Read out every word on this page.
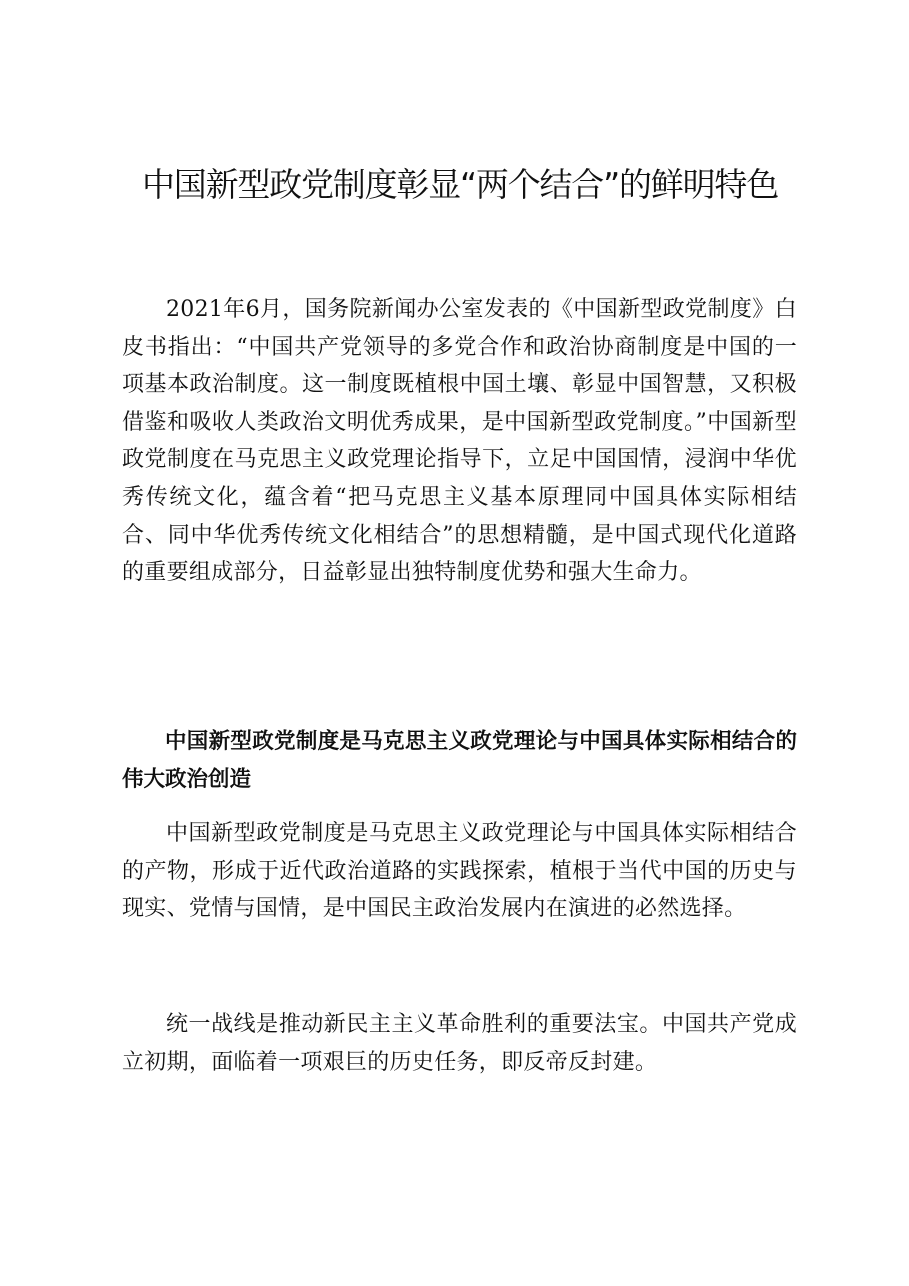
中国新型政党制度彰显“两个结合”的鲜明特色

2021年6月，国务院新闻办公室发表的《中国新型政党制度》白皮书指出：“中国共产党领导的多党合作和政治协商制度是中国的一项基本政治制度。这一制度既植根中国土壤、彰显中国智慧，又积极借鉴和吸收人类政治文明优秀成果，是中国新型政党制度。”中国新型政党制度在马克思主义政党理论指导下，立足中国国情，浸润中华优秀传统文化，蕴含着“把马克思主义基本原理同中国具体实际相结合、同中华优秀传统文化相结合”的思想精髓，是中国式现代化道路的重要组成部分，日益彰显出独特制度优势和强大生命力。

中国新型政党制度是马克思主义政党理论与中国具体实际相结合的伟大政治创造

中国新型政党制度是马克思主义政党理论与中国具体实际相结合的产物，形成于近代政治道路的实践探索，植根于当代中国的历史与现实、党情与国情，是中国民主政治发展内在演进的必然选择。

统一战线是推动新民主主义革命胜利的重要法宝。中国共产党成立初期，面临着一项艰巨的历史任务，即反帝反封建。
